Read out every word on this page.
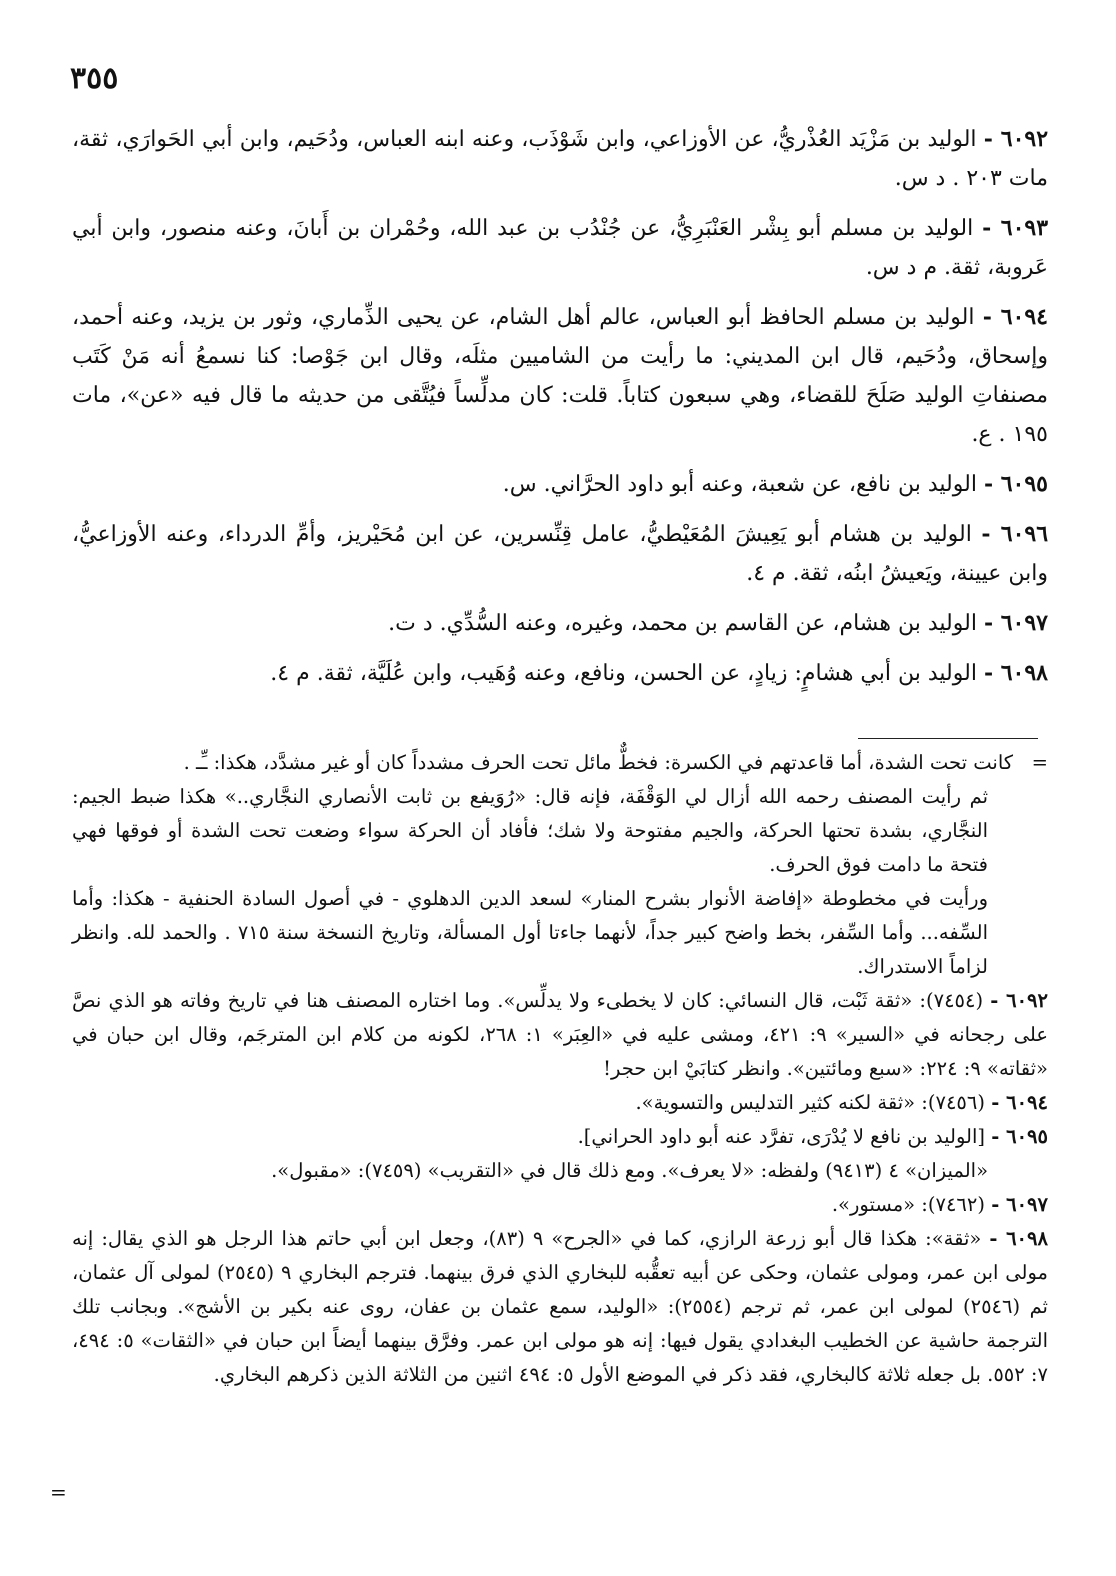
٣٥٥
٦٠٩٢ - الوليد بن مَزْيَد العُذْريُّ، عن الأوزاعي، وابن شَوْذَب، وعنه ابنه العباس، ودُحَيم، وابن أبي الحَوارَي، ثقة، مات ٢٠٣ . د س.
٦٠٩٣ - الوليد بن مسلم أبو بِشْر العَنْبَرِيُّ، عن جُنْدُب بن عبد الله، وحُمْران بن أَبانَ، وعنه منصور، وابن أبي عَروبة، ثقة. م د س.
٦٠٩٤ - الوليد بن مسلم الحافظ أبو العباس، عالم أهل الشام، عن يحيى الذِّماري، وثور بن يزيد، وعنه أحمد، وإسحاق، ودُحَيم، قال ابن المديني: ما رأيت من الشاميين مثلَه، وقال ابن جَوْصا: كنا نسمعُ أنه مَنْ كَتَب مصنفاتِ الوليد صَلَحَ للقضاء، وهي سبعون كتاباً. قلت: كان مدلِّساً فيُتَّقى من حديثه ما قال فيه «عن»، مات ١٩٥ . ع.
٦٠٩٥ - الوليد بن نافع، عن شعبة، وعنه أبو داود الحرَّاني. س.
٦٠٩٦ - الوليد بن هشام أبو يَعِيشَ المُعَيْطيُّ، عامل قِنِّسرين، عن ابن مُحَيْريز، وأمِّ الدرداء، وعنه الأوزاعيُّ، وابن عيينة، ويَعيشُ ابنُه، ثقة. م ٤.
٦٠٩٧ - الوليد بن هشام، عن القاسم بن محمد، وغيره، وعنه السُّدِّي. د ت.
٦٠٩٨ - الوليد بن أبي هشامٍ: زيادٍ، عن الحسن، ونافع، وعنه وُهَيب، وابن عُلَيَّة، ثقة. م ٤.

=   كانت تحت الشدة، أما قاعدتهم في الكسرة: فخطٌّ مائل تحت الحرف مشدداً كان أو غير مشدَّد، هكذا: ـِّـ .

ثم رأيت المصنف رحمه الله أزال لي الوَقْفَة، فإنه قال: «رُوَيفع بن ثابت الأنصاري النجَّاري..» هكذا ضبط الجيم: النجَّاري، بشدة تحتها الحركة، والجيم مفتوحة ولا شك؛ فأفاد أن الحركة سواء وضعت تحت الشدة أو فوقها فهي فتحة ما دامت فوق الحرف.

ورأيت في مخطوطة «إفاضة الأنوار بشرح المنار» لسعد الدين الدهلوي - في أصول السادة الحنفية - هكذا: وأما السِّفه... وأما السِّفر، بخط واضح كبير جداً، لأنهما جاءتا أول المسألة، وتاريخ النسخة سنة ٧١٥ . والحمد لله. وانظر لزاماً الاستدراك.

٦٠٩٢ - (٧٤٥٤): «ثقة ثَبْت، قال النسائي: كان لا يخطىء ولا يدلِّس». وما اختاره المصنف هنا في تاريخ وفاته هو الذي نصَّ على رجحانه في «السير» ٩: ٤٢١، ومشى عليه في «العِبَر» ١: ٢٦٨، لكونه من كلام ابن المترجَم، وقال ابن حبان في «ثقاته» ٩: ٢٢٤: «سبع ومائتين». وانظر كتابَيْ ابن حجر!
٦٠٩٤ - (٧٤٥٦): «ثقة لكنه كثير التدليس والتسوية».

٦٠٩٥ - [الوليد بن نافع لا يُدْرَى، تفرَّد عنه أبو داود الحراني].

«الميزان» ٤ (٩٤١٣) ولفظه: «لا يعرف». ومع ذلك قال في «التقريب» (٧٤٥٩): «مقبول».

٦٠٩٧ - (٧٤٦٢): «مستور».
٦٠٩٨ - «ثقة»: هكذا قال أبو زرعة الرازي، كما في «الجرح» ٩ (٨٣)، وجعل ابن أبي حاتم هذا الرجل هو الذي يقال: إنه مولى ابن عمر، ومولى عثمان، وحكى عن أبيه تعقُّبه للبخاري الذي فرق بينهما. فترجم البخاري ٩ (٢٥٤٥) لمولى آل عثمان، ثم (٢٥٤٦) لمولى ابن عمر، ثم ترجم (٢٥٥٤): «الوليد، سمع عثمان بن عفان، روى عنه بكير بن الأشج». وبجانب تلك الترجمة حاشية عن الخطيب البغدادي يقول فيها: إنه هو مولى ابن عمر. وفرَّق بينهما أيضاً ابن حبان في «الثقات» ٥: ٤٩٤، ٧: ٥٥٢. بل جعله ثلاثة كالبخاري، فقد ذكر في الموضع الأول ٥: ٤٩٤ اثنين من الثلاثة الذين ذكرهم البخاري.
=
